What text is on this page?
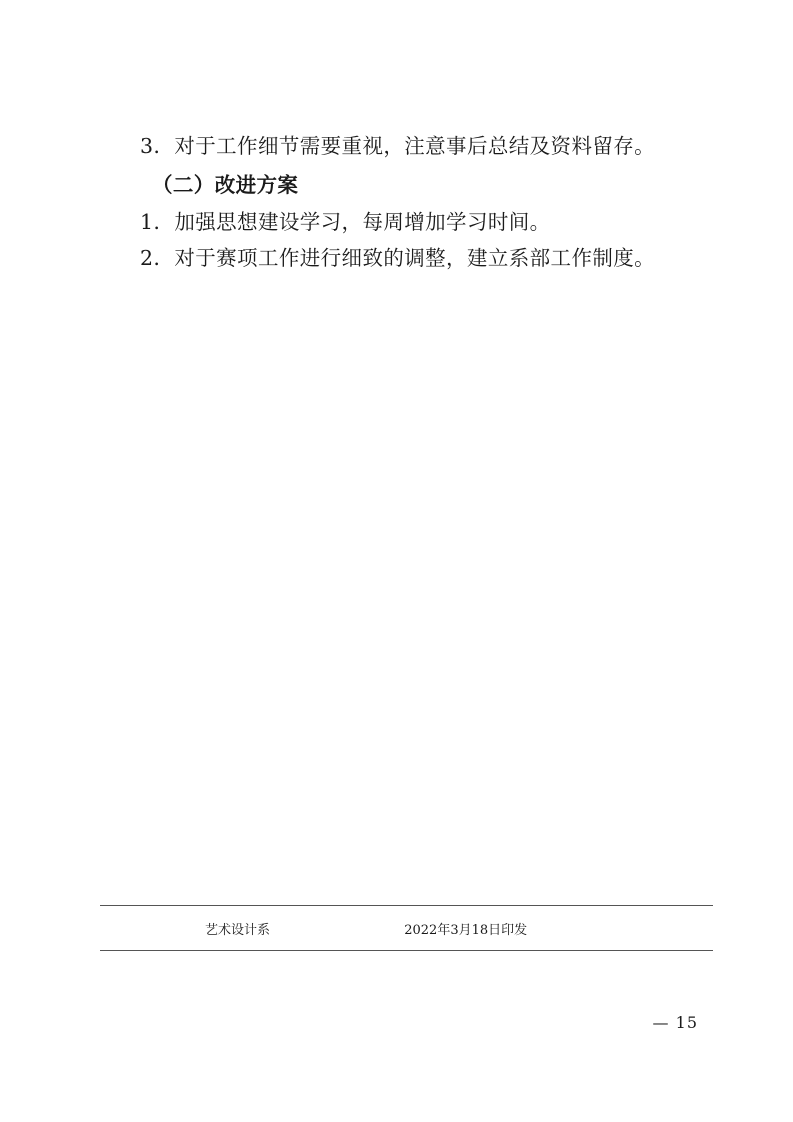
3．对于工作细节需要重视，注意事后总结及资料留存。

（二）改进方案

1．加强思想建设学习，每周增加学习时间。

2．对于赛项工作进行细致的调整，建立系部工作制度。

艺术设计系	2022年3月18日印发
— 15
